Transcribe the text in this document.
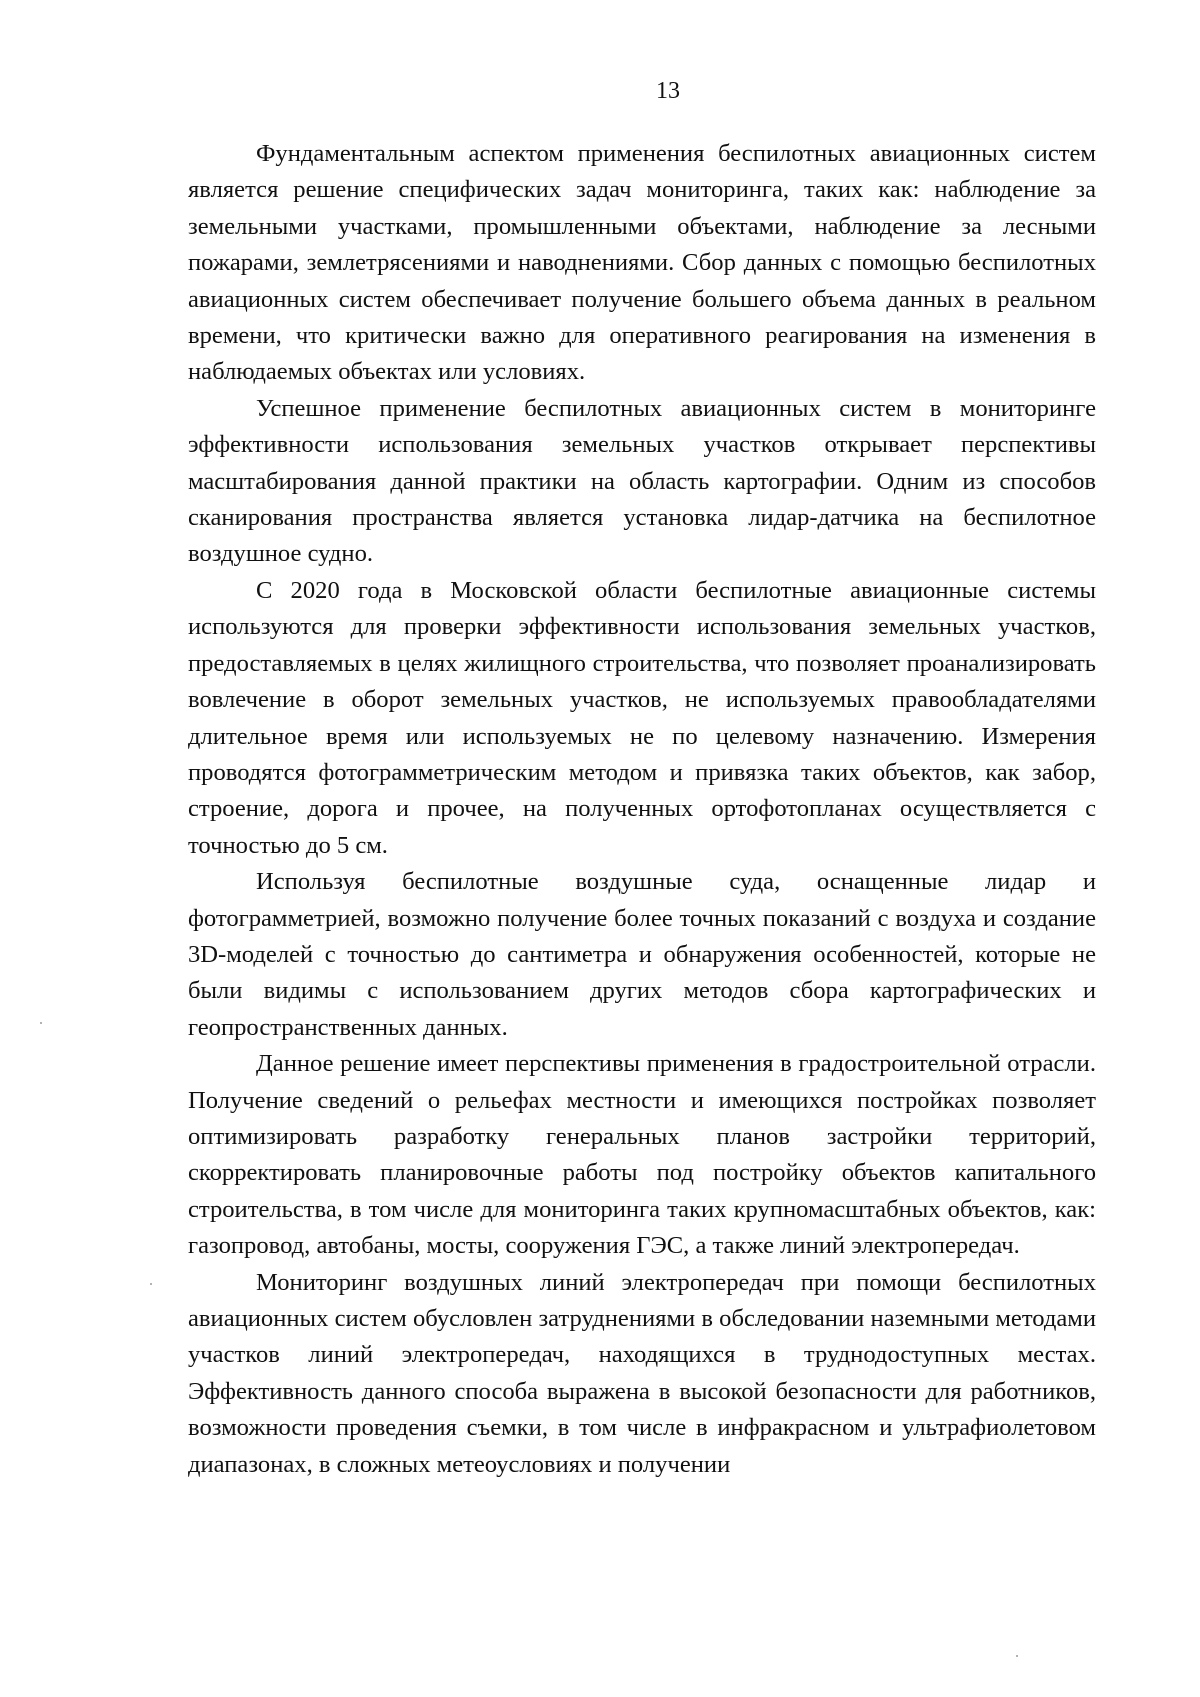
13

Фундаментальным аспектом применения беспилотных авиационных систем является решение специфических задач мониторинга, таких как: наблюдение за земельными участками, промышленными объектами, наблюдение за лесными пожарами, землетрясениями и наводнениями. Сбор данных с помощью беспилотных авиационных систем обеспечивает получение большего объема данных в реальном времени, что критически важно для оперативного реагирования на изменения в наблюдаемых объектах или условиях.

Успешное применение беспилотных авиационных систем в мониторинге эффективности использования земельных участков открывает перспективы масштабирования данной практики на область картографии. Одним из способов сканирования пространства является установка лидар-датчика на беспилотное воздушное судно.

С 2020 года в Московской области беспилотные авиационные системы используются для проверки эффективности использования земельных участков, предоставляемых в целях жилищного строительства, что позволяет проанализировать вовлечение в оборот земельных участков, не используемых правообладателями длительное время или используемых не по целевому назначению. Измерения проводятся фотограмметрическим методом и привязка таких объектов, как забор, строение, дорога и прочее, на полученных ортофотопланах осуществляется с точностью до 5 см.

Используя беспилотные воздушные суда, оснащенные лидар и фотограмметрией, возможно получение более точных показаний с воздуха и создание 3D-моделей с точностью до сантиметра и обнаружения особенностей, которые не были видимы с использованием других методов сбора картографических и геопространственных данных.

Данное решение имеет перспективы применения в градостроительной отрасли. Получение сведений о рельефах местности и имеющихся постройках позволяет оптимизировать разработку генеральных планов застройки территорий, скорректировать планировочные работы под постройку объектов капитального строительства, в том числе для мониторинга таких крупномасштабных объектов, как: газопровод, автобаны, мосты, сооружения ГЭС, а также линий электропередач.

Мониторинг воздушных линий электропередач при помощи беспилотных авиационных систем обусловлен затруднениями в обследовании наземными методами участков линий электропередач, находящихся в труднодоступных местах. Эффективность данного способа выражена в высокой безопасности для работников, возможности проведения съемки, в том числе в инфракрасном и ультрафиолетовом диапазонах, в сложных метеоусловиях и получении
